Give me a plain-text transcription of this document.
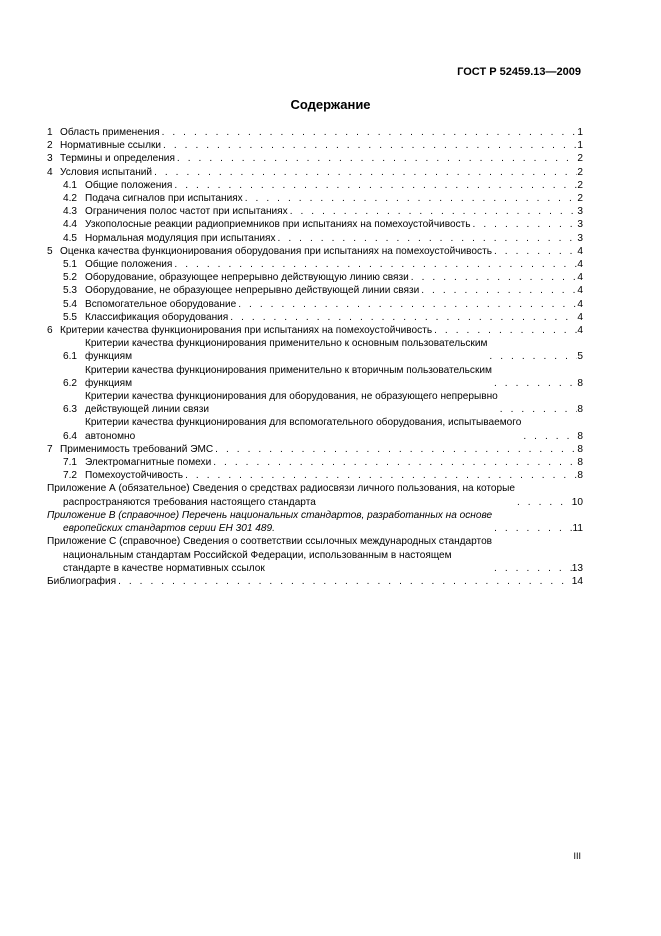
ГОСТ Р 52459.13—2009
Содержание
1 Область применения . . .	1
2 Нормативные ссылки . . .	1
3 Термины и определения . . .	2
4 Условия испытаний . . .	2
4.1 Общие положения . . .	2
4.2 Подача сигналов при испытаниях . . .	2
4.3 Ограничения полос частот при испытаниях . . .	3
4.4 Узкополосные реакции радиоприемников при испытаниях на помехоустойчивость . . .	3
4.5 Нормальная модуляция при испытаниях . . .	3
5 Оценка качества функционирования оборудования при испытаниях на помехоустойчивость . . .	4
5.1 Общие положения . . .	4
5.2 Оборудование, образующее непрерывно действующую линию связи . . .	4
5.3 Оборудование, не образующее непрерывно действующей линии связи . . .	4
5.4 Вспомогательное оборудование . . .	4
5.5 Классификация оборудования . . .	4
6 Критерии качества функционирования при испытаниях на помехоустойчивость . . .	4
6.1
Критерии качества функционирования применительно к основным пользовательским
функциям . . .	5
6.2
Критерии качества функционирования применительно к вторичным пользовательским
функциям . . .	8
6.3
Критерии качества функционирования для оборудования, не образующего непрерывно
действующей линии связи . . .	8
6.4
Критерии качества функционирования для вспомогательного оборудования, испытываемого
автономно . . .	8
7 Применимость требований ЭМС . . .	8
7.1 Электромагнитные помехи . . .	8
7.2 Помехоустойчивость . . .	8
Приложение А (обязательное) Сведения о средствах радиосвязи личного пользования, на которые
распространяются требования настоящего стандарта . . .	10
Приложение В (справочное) Перечень национальных стандартов, разработанных на основе
европейских стандартов серии ЕН 301 489. . . .	11
Приложение С (справочное) Сведения о соответствии ссылочных международных стандартов
национальным стандартам Российской Федерации, использованным в настоящем
стандарте в качестве нормативных ссылок . . .	13
Библиография . . .	14
III
